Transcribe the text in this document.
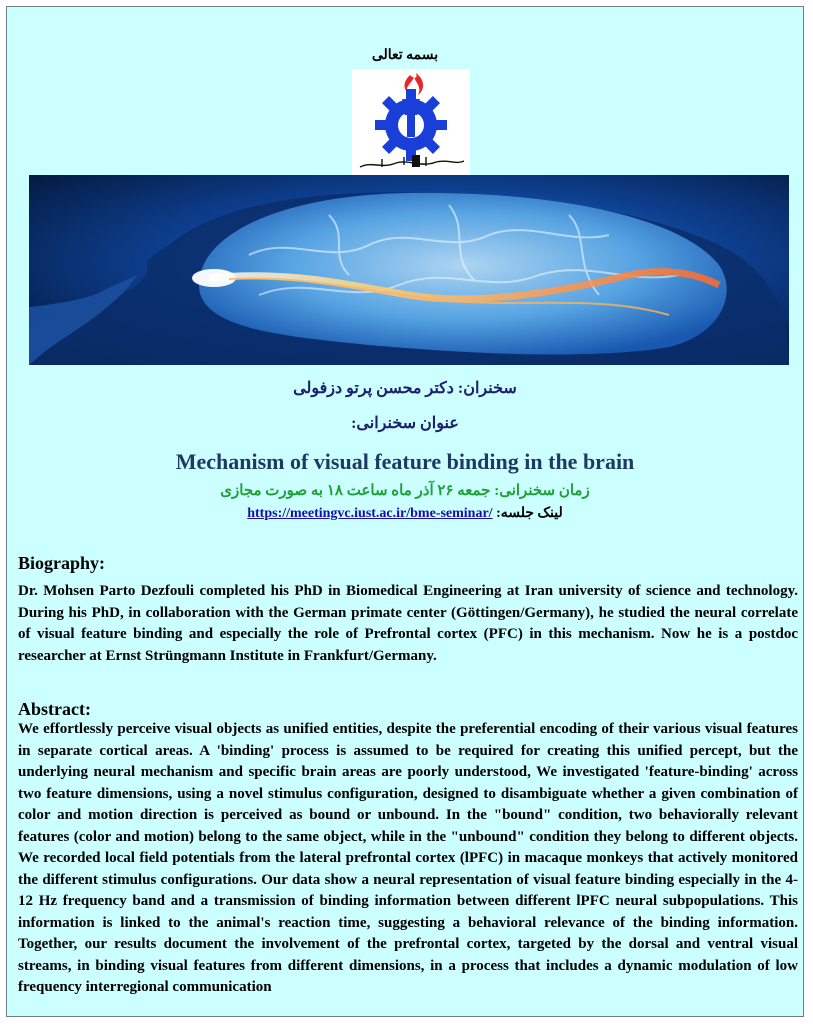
بسمه تعالی
سخنران: دکتر محسن پرتو دزفولی
عنوان سخنرانی:
Mechanism of visual feature binding in the brain
زمان سخنرانی: جمعه ۲۶ آذر ماه ساعت ۱۸ به صورت مجازی
https://meetingvc.iust.ac.ir/bme-seminar/ لینک جلسه:
Biography:
Dr. Mohsen Parto Dezfouli completed his PhD in Biomedical Engineering at Iran university of science and technology. During his PhD, in collaboration with the German primate center (Göttingen/Germany), he studied the neural correlate of visual feature binding and especially the role of Prefrontal cortex (PFC) in this mechanism. Now he is a postdoc researcher at Ernst Strüngmann Institute in Frankfurt/Germany.
Abstract:
We effortlessly perceive visual objects as unified entities, despite the preferential encoding of their various visual features in separate cortical areas. A 'binding' process is assumed to be required for creating this unified percept, but the underlying neural mechanism and specific brain areas are poorly understood, We investigated 'feature-binding' across two feature dimensions, using a novel stimulus configuration, designed to disambiguate whether a given combination of color and motion direction is perceived as bound or unbound. In the "bound" condition, two behaviorally relevant features (color and motion) belong to the same object, while in the "unbound" condition they belong to different objects. We recorded local field potentials from the lateral prefrontal cortex (lPFC) in macaque monkeys that actively monitored the different stimulus configurations. Our data show a neural representation of visual feature binding especially in the 4-12 Hz frequency band and a transmission of binding information between different lPFC neural subpopulations. This information is linked to the animal's reaction time, suggesting a behavioral relevance of the binding information. Together, our results document the involvement of the prefrontal cortex, targeted by the dorsal and ventral visual streams, in binding visual features from different dimensions, in a process that includes a dynamic modulation of low frequency interregional communication
